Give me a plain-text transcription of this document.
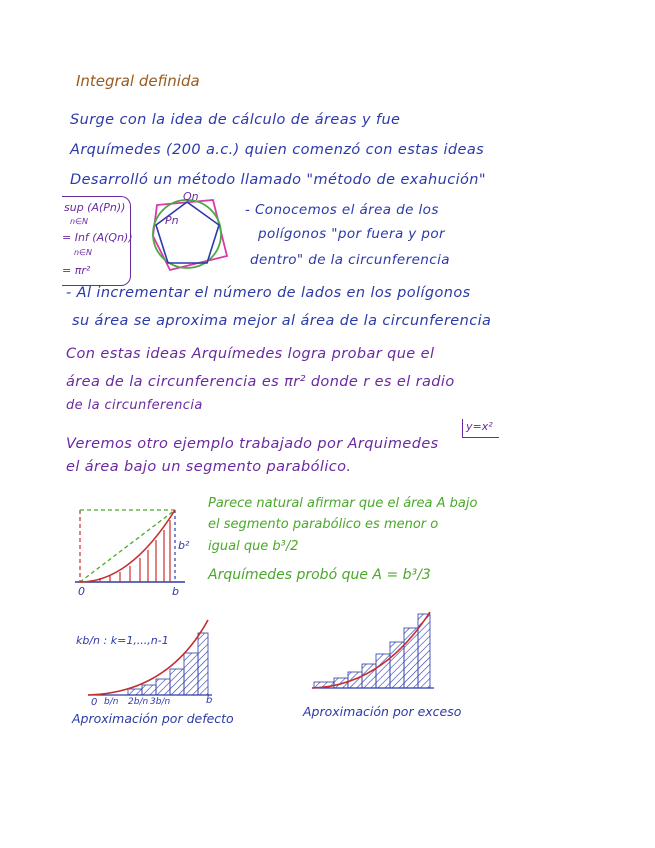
Integral definida
Surge con la idea de cálculo de áreas y fue
Arquímedes (200 a.c.) quien comenzó con estas ideas
Desarrolló un método llamado "método de exahución"
sup (A(Pn))
n∈N
= Inf (A(Qn))
n∈N
= πr²
Qn
Pn
- Conocemos el área de los
polígonos "por fuera y por
dentro" de la circunferencia
- Al incrementar el número de lados en los polígonos
su área se aproxima mejor al área de la circunferencia
Con estas ideas Arquímedes logra probar que el
área de la circunferencia es πr² donde r es el radio
de la circunferencia
Veremos otro ejemplo trabajado por Arquimedes
el área bajo un segmento parabólico.
y=x²
0	b
b²
Parece natural afirmar que el área A bajo
el segmento parabólico es menor o
igual que b³/2
Arquímedes probó que A = b³/3
kb/n : k=1,...,n-1
0 b/n 2b/n 3b/n	b
Aproximación por defecto	Aproximación por exceso
